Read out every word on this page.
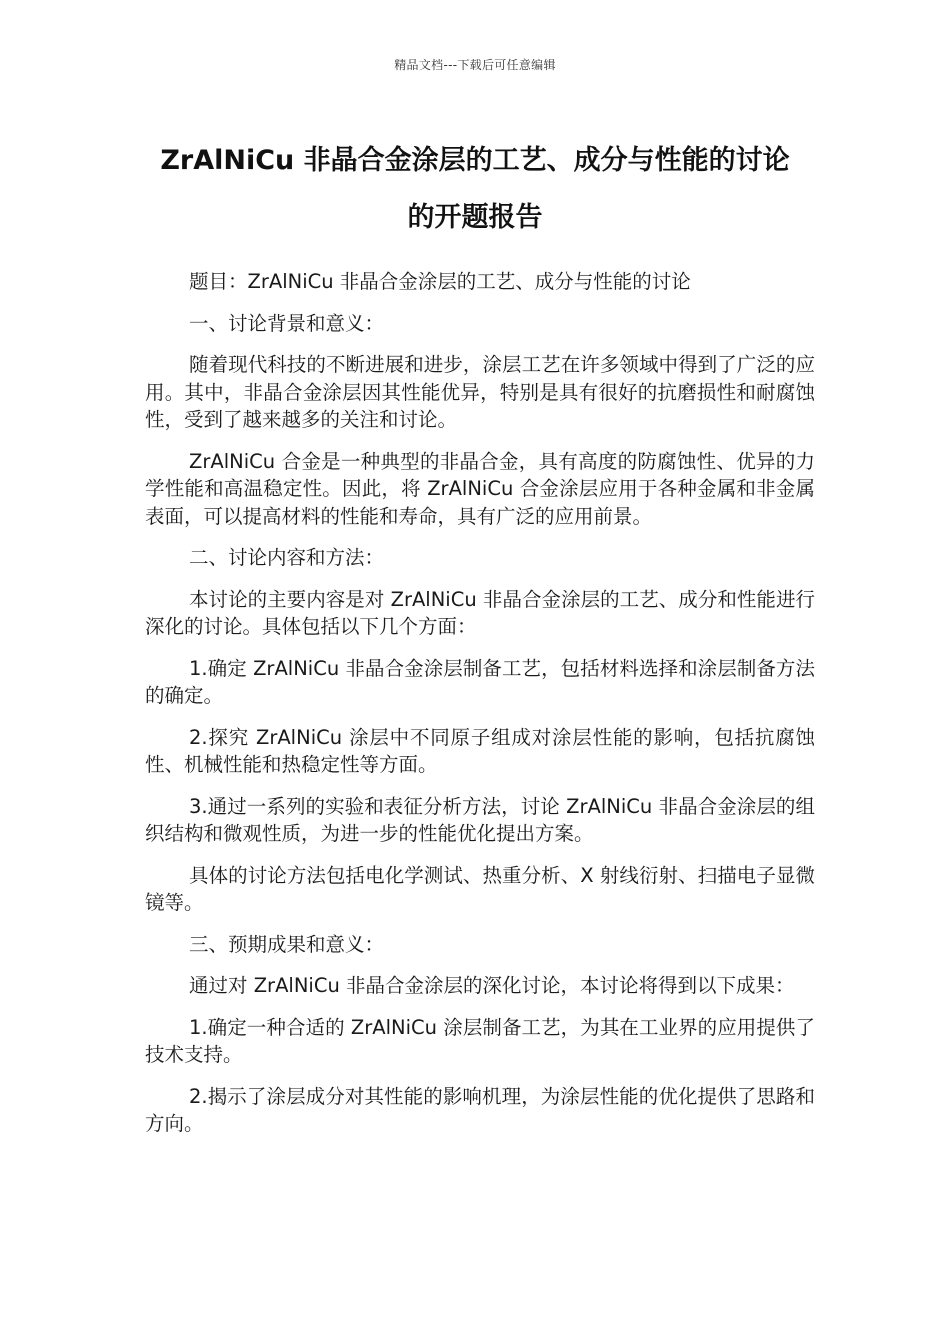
精品文档---下载后可任意编辑
ZrAlNiCu 非晶合金涂层的工艺、成分与性能的讨论
的开题报告

题目：ZrAlNiCu 非晶合金涂层的工艺、成分与性能的讨论

一、讨论背景和意义：

随着现代科技的不断进展和进步，涂层工艺在许多领域中得到了广泛的应用。其中，非晶合金涂层因其性能优异，特别是具有很好的抗磨损性和耐腐蚀性，受到了越来越多的关注和讨论。

ZrAlNiCu 合金是一种典型的非晶合金，具有高度的防腐蚀性、优异的力学性能和高温稳定性。因此，将 ZrAlNiCu 合金涂层应用于各种金属和非金属表面，可以提高材料的性能和寿命，具有广泛的应用前景。

二、讨论内容和方法：

本讨论的主要内容是对 ZrAlNiCu 非晶合金涂层的工艺、成分和性能进行深化的讨论。具体包括以下几个方面：

1.确定 ZrAlNiCu 非晶合金涂层制备工艺，包括材料选择和涂层制备方法的确定。

2.探究 ZrAlNiCu 涂层中不同原子组成对涂层性能的影响，包括抗腐蚀性、机械性能和热稳定性等方面。

3.通过一系列的实验和表征分析方法，讨论 ZrAlNiCu 非晶合金涂层的组织结构和微观性质，为进一步的性能优化提出方案。

具体的讨论方法包括电化学测试、热重分析、X 射线衍射、扫描电子显微镜等。

三、预期成果和意义：

通过对 ZrAlNiCu 非晶合金涂层的深化讨论，本讨论将得到以下成果：

1.确定一种合适的 ZrAlNiCu 涂层制备工艺，为其在工业界的应用提供了技术支持。

2.揭示了涂层成分对其性能的影响机理，为涂层性能的优化提供了思路和方向。
